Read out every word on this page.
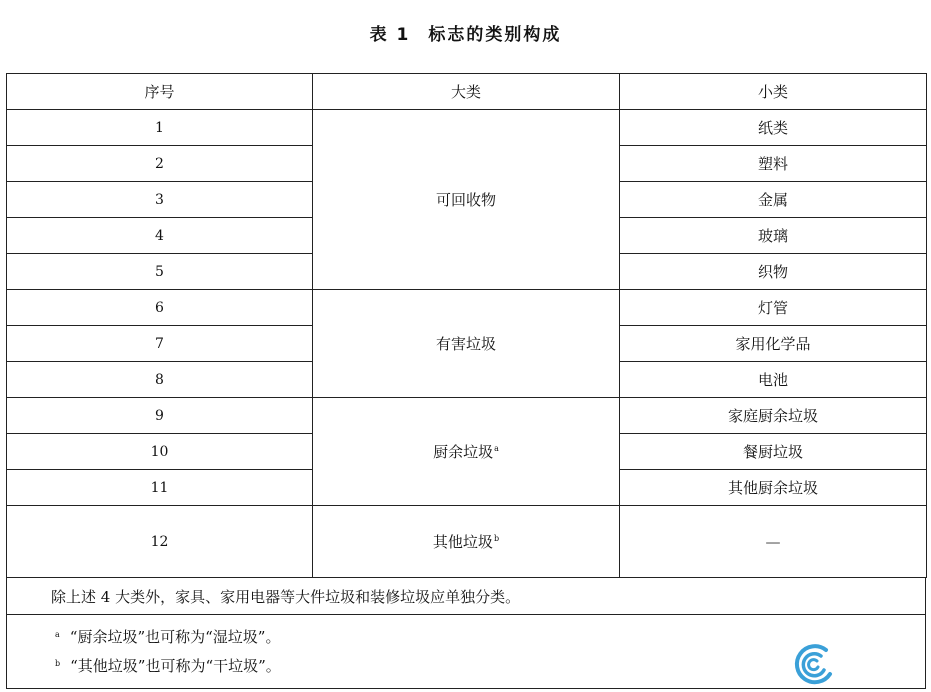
表 1 标志的类别构成
序号	大类	小类
1	可回收物	纸类
2		塑料
3		金属
4		玻璃
5		织物
6	有害垃圾	灯管
7		家用化学品
8		电池
9	厨余垃圾$^a$	家庭厨余垃圾
10		餐厨垃圾
11		其他厨余垃圾
12	其他垃圾$^b$	—
除上述 4 大类外，家具、家用电器等大件垃圾和装修垃圾应单独分类。
$^a$ “厨余垃圾”也可称为“湿垃圾”。
$^b$ “其他垃圾”也可称为“干垃圾”。
